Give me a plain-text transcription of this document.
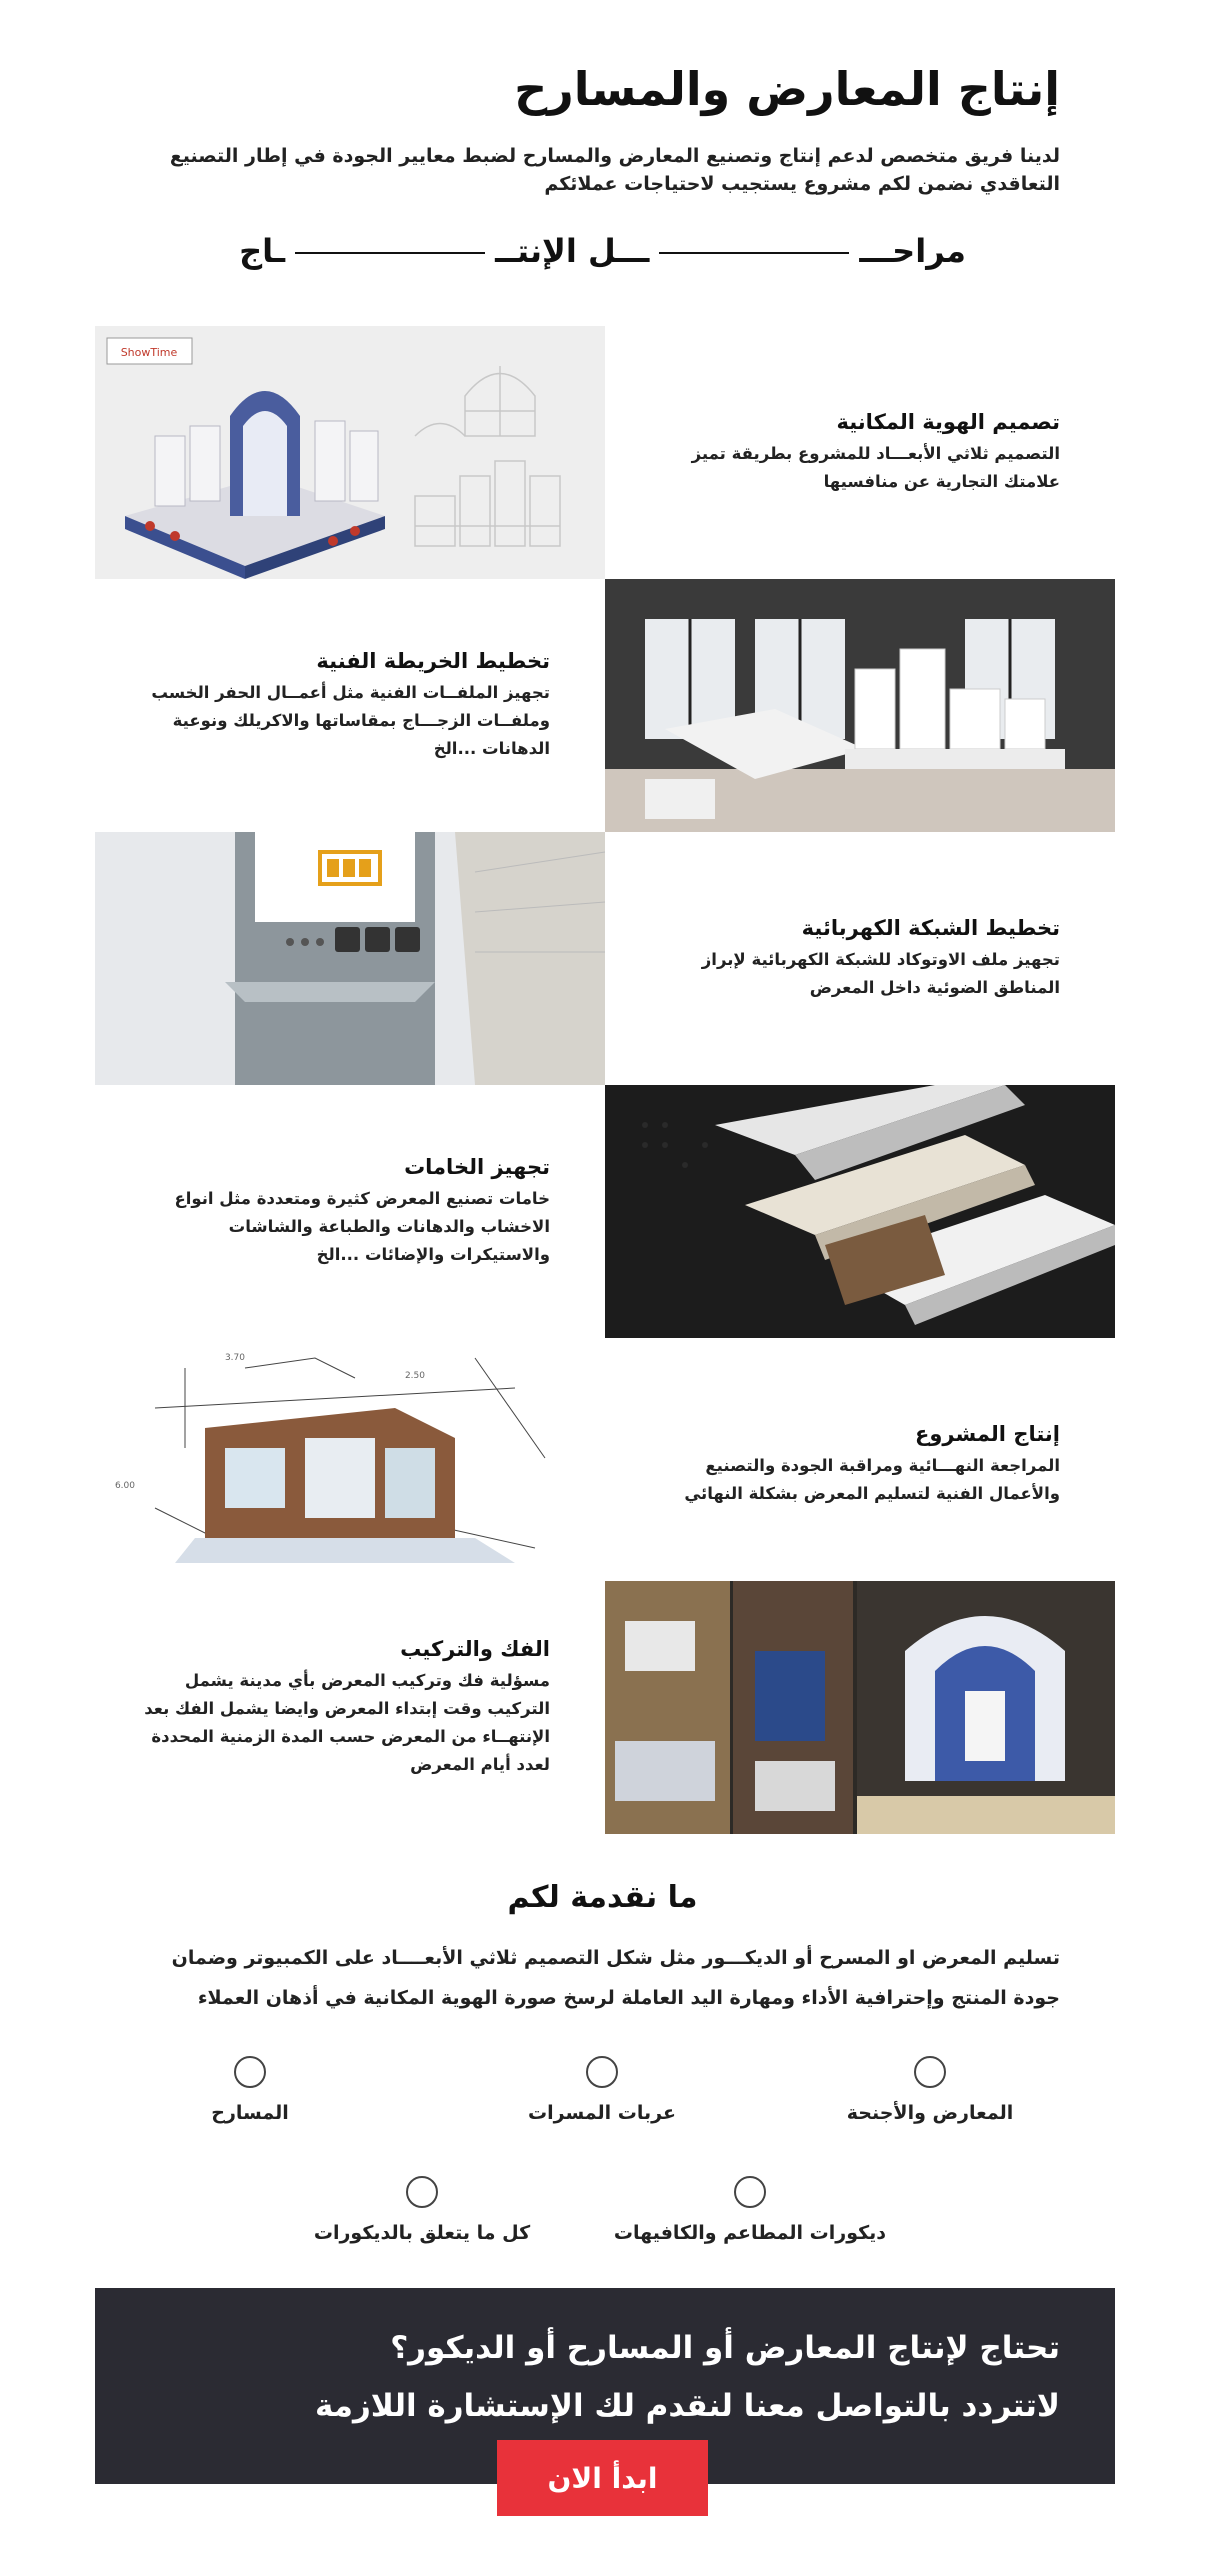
إنتاج المعارض والمسارح

لدينا فريق متخصص لدعم إنتاج وتصنيع المعارض والمسارح لضبط معايير الجودة في إطار التصنيع التعاقدي نضمن لكم مشروع يستجيب لاحتياجات عملائكم

مراحــــــل الإنتـــاج
ShowTime
تصميم الهوية المكانية

التصميم ثلاثي الأبعـــاد للمشروع بطريقة تميز علامتك التجارية عن منافسيها

تخطيط الخريطة الفنية

تجهيز الملفــات الفنية مثل أعمــال الحفر الخسب وملفــات الزجـــاج بمقاساتها والاكريلك ونوعية الدهانات ...الخ

تخطيط الشبكة الكهربائية

تجهيز ملف الاوتوكاد للشبكة الكهربائية لإبراز المناطق الضوئية داخل المعرض

تجهيز الخامات

خامات تصنيع المعرض كثيرة ومتعددة مثل انواع الاخشاب والدهانات والطباعة والشاشات والاستيكرات والإضائات ...الخ

3.70
2.50
6.00
إنتاج المشروع

المراجعة النهـــائية ومراقبة الجودة والتصنيع والأعمال الفنية لتسليم المعرض بشكلة النهائي

الفك والتركيب

مسؤلية فك وتركيب المعرض بأي مدينة يشمل التركيب وقت إبتداء المعرض وايضا يشمل الفك بعد الإنتهــاء من المعرض حسب المدة الزمنية المحددة لعدد أيام المعرض

ما نقدمة لكم

تسليم المعرض او المسرح أو الديكـــور مثل شكل التصميم ثلاثي الأبعــــاد على الكمبيوتر وضمان جودة المنتج وإحترافية الأداء ومهارة اليد العاملة لرسخ صورة الهوية المكانية في أذهان العملاء

المعارض والأجنحة
عربات المسرات
المسارح
ديكورات المطاعم والكافيهات
كل ما يتعلق بالديكورات
تحتاج لإنتاج المعارض أو المسارح أو الديكور؟
لاتتردد بالتواصل معنا لنقدم لك الإستشارة اللازمة
ابدأ الان
